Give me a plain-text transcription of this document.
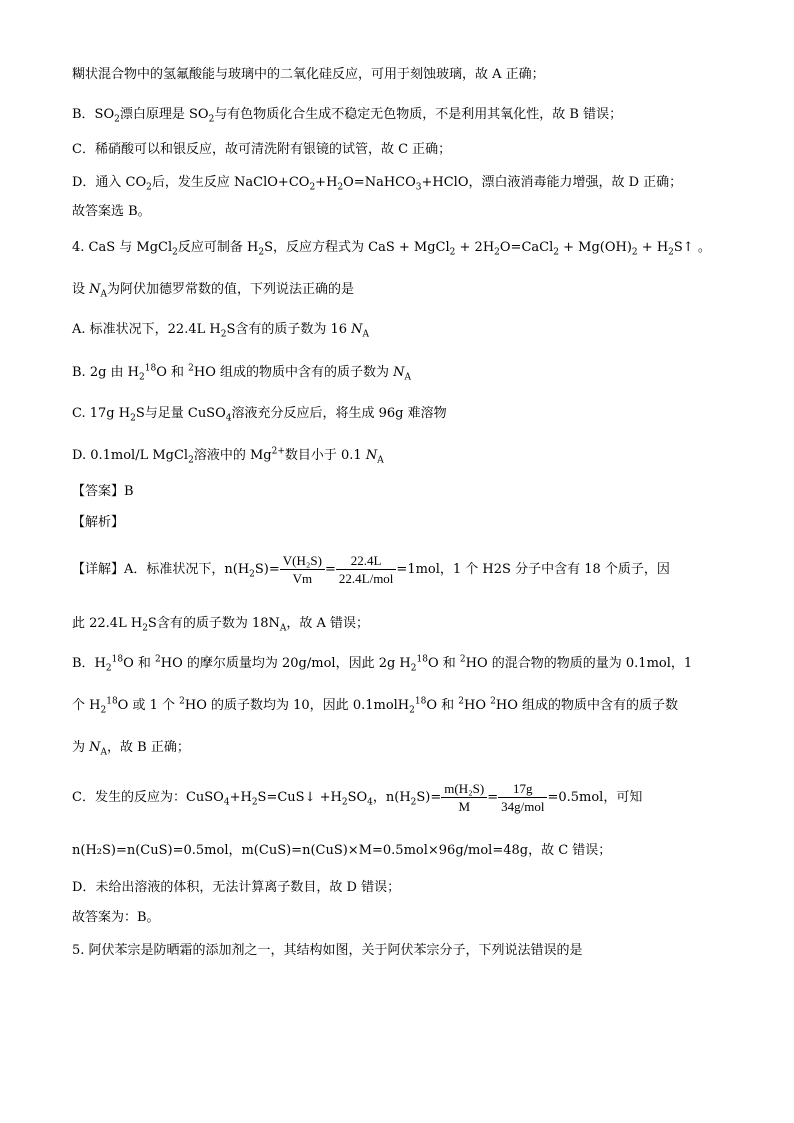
糊状混合物中的氢氟酸能与玻璃中的二氧化硅反应，可用于刻蚀玻璃，故 A 正确；
B．$SO_2$漂白原理是 $SO_2$与有色物质化合生成不稳定无色物质，不是利用其氧化性，故 B 错误；
C．稀硝酸可以和银反应，故可清洗附有银镜的试管，故 C 正确；
D．通入 $CO_2$后，发生反应 $NaClO+CO_2+H_2O=NaHCO_3+HClO$，漂白液消毒能力增强，故 D 正确；
故答案选 B。
4. CaS 与 MgCl$_2$反应可制备 $H_2S$，反应方程式为 CaS + MgCl$_2$ + $2H_2O=CaCl_2 + Mg(OH)_2$ + $H_2S↑$ 。
设 $N_A$为阿伏加德罗常数的值，下列说法正确的是
A. 标准状况下，22.4L $H_2S$含有的质子数为 16 $N_A$
B. 2g 由 $H_2^{18}O$ 和 $^2$HO 组成的物质中含有的质子数为 $N_A$
C. 17g $H_2S$与足量 CuSO$_4$溶液充分反应后，将生成 96g 难溶物
D. 0.1mol/L MgCl$_2$溶液中的 $Mg^{2+}$数目小于 0.1 $N_A$
【答案】B
【解析】
【详解】A．标准状况下，$n(H_2S)= \frac{\text{V(H₂S)}}{Vm} = \frac{22.4L}{\text{22.4L/mol}} =1mol$，1 个 H2S 分子中含有 18 个质子，因
此 22.4L $H_2S$含有的质子数为 $18N_A$，故 A 错误；
B．$H_2^{18}O$ 和 $^2$HO 的摩尔质量均为 20g/mol，因此 2g $H_2^{18}O$ 和 $^2$HO 的混合物的物质的量为 0.1mol，1
个 $H_2^{18}O$ 或 1 个 $^2$HO 的质子数均为 10，因此 0.1molH$_2^{18}$O 和 $^2$HO $^2$HO 组成的物质中含有的质子数
为 $N_A$，故 B 正确；
C．发生的反应为：$CuSO_4+H_2S=CuS↓ +H_2SO_4$，$n(H_2S)= \frac{\text{m(H₂S)}}{M} = \frac{17g}{\text{34g/mol}} =0.5mol$，可知
n(H₂S)=n(CuS)=0.5mol，m(CuS)=n(CuS)×M=0.5mol×96g/mol=48g，故 C 错误；
D．未给出溶液的体积，无法计算离子数目，故 D 错误；
故答案为：B。
5. 阿伏苯宗是防晒霜的添加剂之一，其结构如图，关于阿伏苯宗分子，下列说法错误的是
